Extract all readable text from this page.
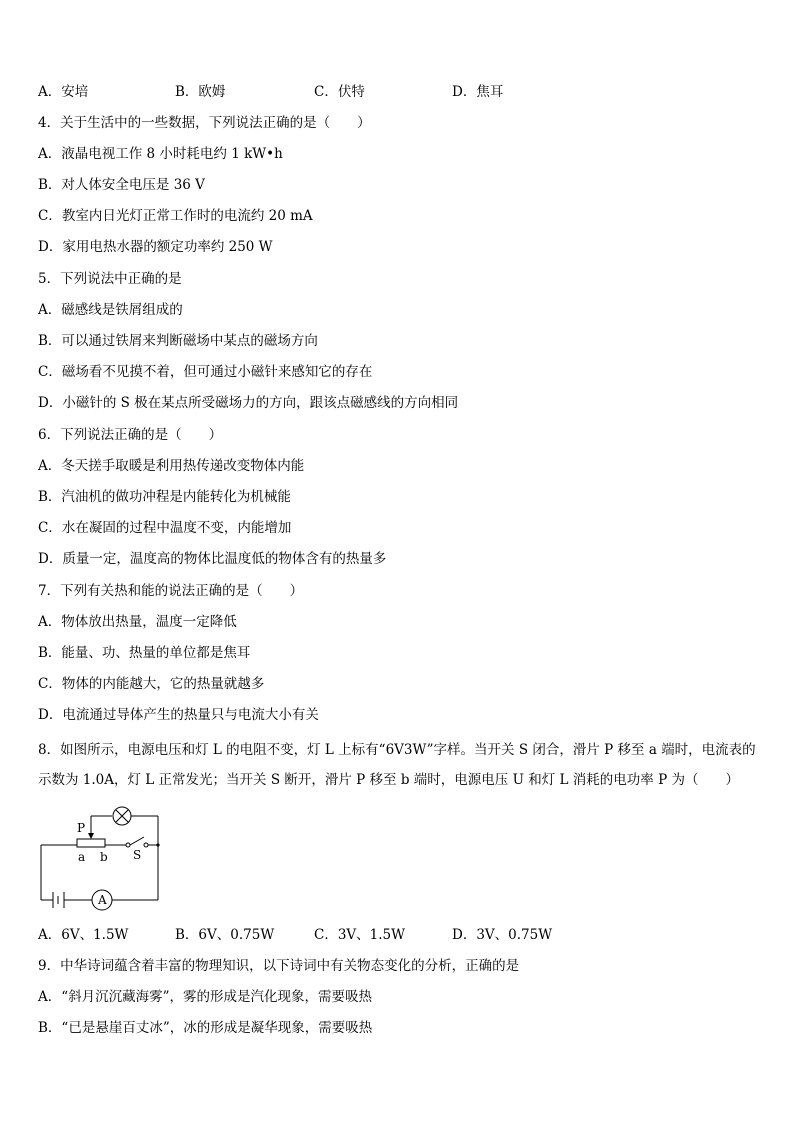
A．安培	B．欧姆	C．伏特	D．焦耳
4．关于生活中的一些数据，下列说法正确的是（　　）
A．液晶电视工作 8 小时耗电约 1 kW•h
B．对人体安全电压是 36 V
C．教室内日光灯正常工作时的电流约 20 mA
D．家用电热水器的额定功率约 250 W
5．下列说法中正确的是
A．磁感线是铁屑组成的
B．可以通过铁屑来判断磁场中某点的磁场方向
C．磁场看不见摸不着，但可通过小磁针来感知它的存在
D．小磁针的 S 极在某点所受磁场力的方向，跟该点磁感线的方向相同
6．下列说法正确的是（　　）
A．冬天搓手取暖是利用热传递改变物体内能
B．汽油机的做功冲程是内能转化为机械能
C．水在凝固的过程中温度不变，内能增加
D．质量一定，温度高的物体比温度低的物体含有的热量多
7．下列有关热和能的说法正确的是（　　）
A．物体放出热量，温度一定降低
B．能量、功、热量的单位都是焦耳
C．物体的内能越大，它的热量就越多
D．电流通过导体产生的热量只与电流大小有关
8．如图所示，电源电压和灯 L 的电阻不变，灯 L 上标有“6V3W”字样。当开关 S 闭合，滑片 P 移至 a 端时，电流表的示数为 1.0A，灯 L 正常发光；当开关 S 断开，滑片 P 移至 b 端时，电源电压 U 和灯 L 消耗的电功率 P 为（　　）
P
a b S
A
A．6V、1.5W	B．6V、0.75W	C．3V、1.5W	D．3V、0.75W
9．中华诗词蕴含着丰富的物理知识，以下诗词中有关物态变化的分析，正确的是
A．“斜月沉沉藏海雾”，雾的形成是汽化现象，需要吸热
B．“已是悬崖百丈冰”，冰的形成是凝华现象，需要吸热
